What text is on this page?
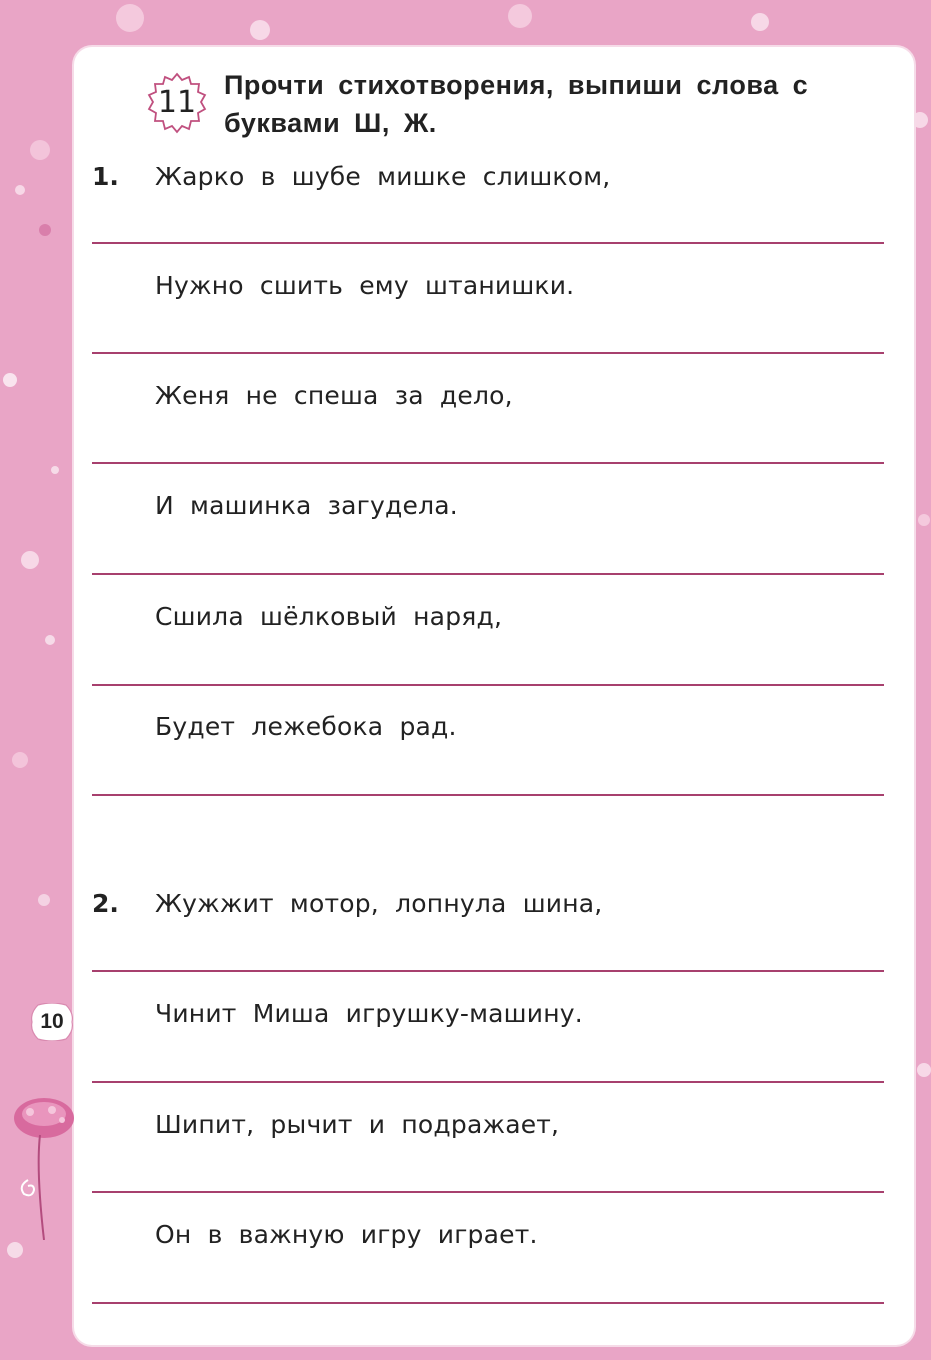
11	Прочти стихотворения, выпиши слова с буквами Ш, Ж.
1. Жарко в шубе мишке слишком,
Нужно сшить ему штанишки.
Женя не спеша за дело,
И машинка загудела.
Сшила шёлковый наряд,
Будет лежебока рад.
2. Жужжит мотор, лопнула шина,
Чинит Миша игрушку-машину.
Шипит, рычит и подражает,
Он в важную игру играет.
10
